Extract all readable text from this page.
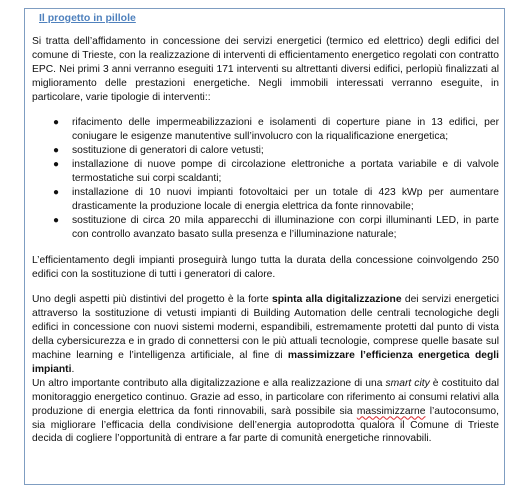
Il progetto in pillole

Si tratta dell’affidamento in concessione dei servizi energetici (termico ed elettrico) degli edifici del comune di Trieste, con la realizzazione di interventi di efficientamento energetico regolati con contratto EPC. Nei primi 3 anni verranno eseguiti 171 interventi su altrettanti diversi edifici, perlopiù finalizzati al miglioramento delle prestazioni energetiche. Negli immobili interessati verranno eseguite, in particolare, varie tipologie di interventi::

● rifacimento delle impermeabilizzazioni e isolamenti di coperture piane in 13 edifici, per coniugare le esigenze manutentive sull’involucro con la riqualificazione energetica;
● sostituzione di generatori di calore vetusti;
● installazione di nuove pompe di circolazione elettroniche a portata variabile e di valvole termostatiche sui corpi scaldanti;
● installazione di 10 nuovi impianti fotovoltaici per un totale di 423 kWp per aumentare drasticamente la produzione locale di energia elettrica da fonte rinnovabile;
● sostituzione di circa 20 mila apparecchi di illuminazione con corpi illuminanti LED, in parte con controllo avanzato basato sulla presenza e l’illuminazione naturale;

L’efficientamento degli impianti proseguirà lungo tutta la durata della concessione coinvolgendo 250 edifici con la sostituzione di tutti i generatori di calore.

Uno degli aspetti più distintivi del progetto è la forte spinta alla digitalizzazione dei servizi energetici attraverso la sostituzione di vetusti impianti di Building Automation delle centrali tecnologiche degli edifici in concessione con nuovi sistemi moderni, espandibili, estremamente protetti dal punto di vista della cybersicurezza e in grado di connettersi con le più attuali tecnologie, comprese quelle basate sul machine learning e l’intelligenza artificiale, al fine di massimizzare l’efficienza energetica degli impianti.

Un altro importante contributo alla digitalizzazione e alla realizzazione di una smart city è costituito dal monitoraggio energetico continuo. Grazie ad esso, in particolare con riferimento ai consumi relativi alla produzione di energia elettrica da fonti rinnovabili, sarà possibile sia massimizzarne l’autoconsumo, sia migliorare l’efficacia della condivisione dell’energia autoprodotta qualora il Comune di Trieste decida di cogliere l’opportunità di entrare a far parte di comunità energetiche rinnovabili.
